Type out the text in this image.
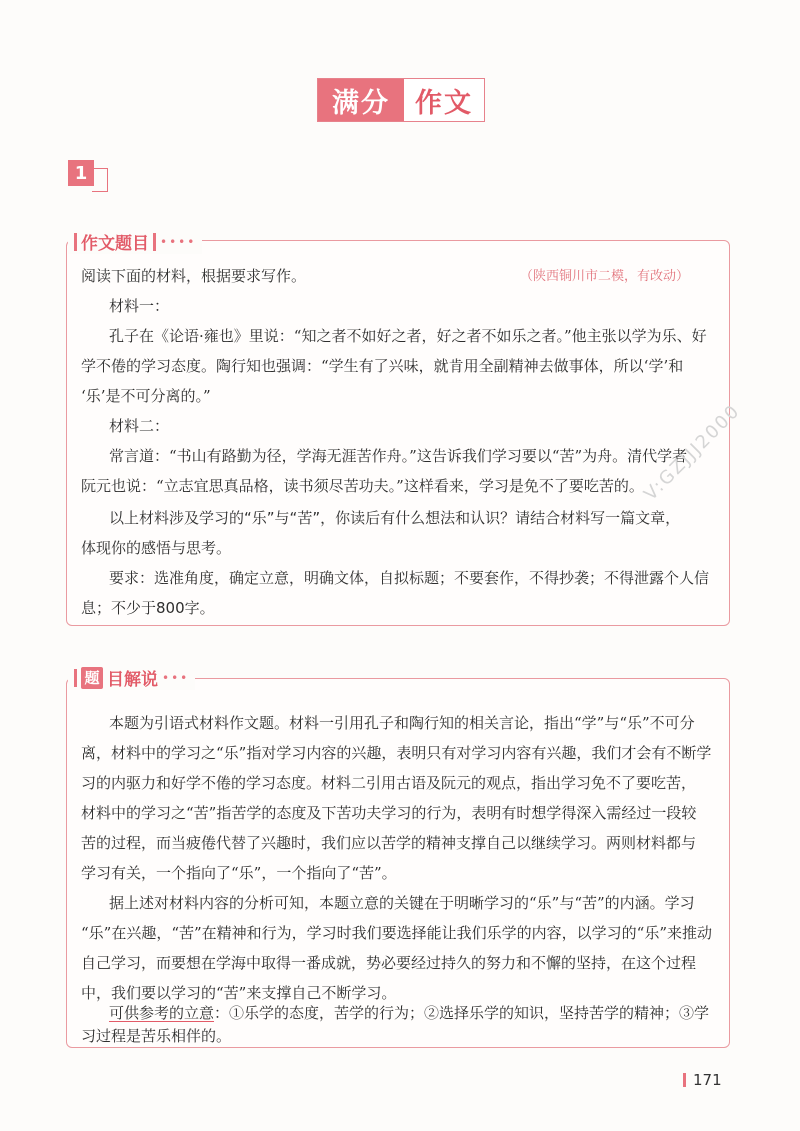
满分 作文
1
作文题目 ••••
阅读下面的材料，根据要求写作。	（陕西铜川市二模，有改动）
材料一：
孔子在《论语·雍也》里说：“知之者不如好之者，好之者不如乐之者。”他主张以学为乐、好
学不倦的学习态度。陶行知也强调：“学生有了兴味，就肯用全副精神去做事体，所以‘学’和
‘乐’是不可分离的。”
材料二：
常言道：“书山有路勤为径，学海无涯苦作舟。”这告诉我们学习要以“苦”为舟。清代学者
阮元也说：“立志宜思真品格，读书须尽苦功夫。”这样看来，学习是免不了要吃苦的。
以上材料涉及学习的“乐”与“苦”，你读后有什么想法和认识？请结合材料写一篇文章，
体现你的感悟与思考。
要求：选准角度，确定立意，明确文体，自拟标题；不要套作，不得抄袭；不得泄露个人信
息；不少于800字。
V:GZJJJ2000
题 目解说 •••
本题为引语式材料作文题。材料一引用孔子和陶行知的相关言论，指出“学”与“乐”不可分
离，材料中的学习之“乐”指对学习内容的兴趣，表明只有对学习内容有兴趣，我们才会有不断学
习的内驱力和好学不倦的学习态度。材料二引用古语及阮元的观点，指出学习免不了要吃苦，
材料中的学习之“苦”指苦学的态度及下苦功夫学习的行为，表明有时想学得深入需经过一段较
苦的过程，而当疲倦代替了兴趣时，我们应以苦学的精神支撑自己以继续学习。两则材料都与
学习有关，一个指向了“乐”，一个指向了“苦”。
据上述对材料内容的分析可知，本题立意的关键在于明晰学习的“乐”与“苦”的内涵。学习
“乐”在兴趣，“苦”在精神和行为，学习时我们要选择能让我们乐学的内容，以学习的“乐”来推动
自己学习，而要想在学海中取得一番成就，势必要经过持久的努力和不懈的坚持，在这个过程
中，我们要以学习的“苦”来支撑自己不断学习。
可供参考的立意：①乐学的态度，苦学的行为；②选择乐学的知识，坚持苦学的精神；③学
习过程是苦乐相伴的。
171
